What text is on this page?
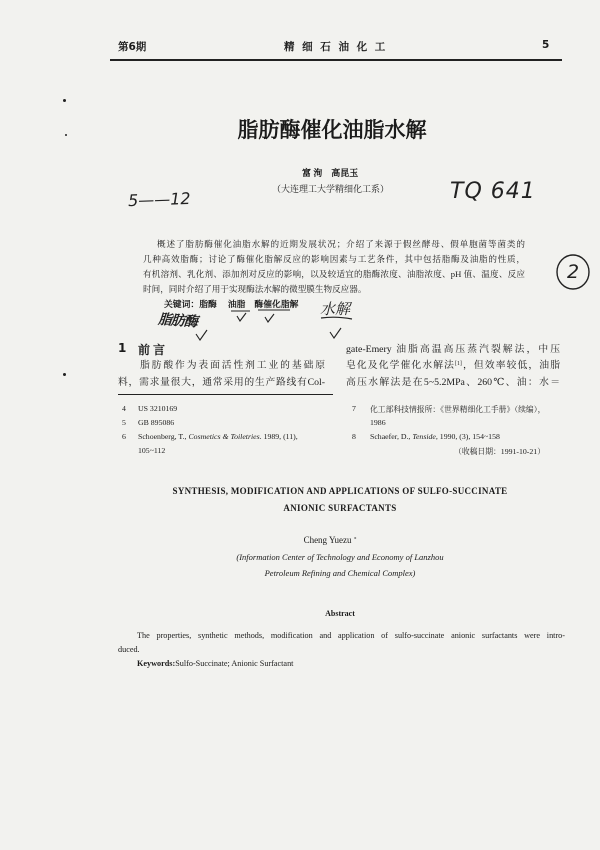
第6期	精 细 石 油 化 工	5
脂肪酶催化油脂水解
富 洵    高昆玉
（大连理工大学精细化工系）
5——12	TQ 641
脂肪酶
水解
2
概述了脂肪酶催化油脂水解的近期发展状况；介绍了来源于假丝酵母、假单胞菌等菌类的
几种高效脂酶；讨论了酶催化脂解反应的影响因素与工艺条件，其中包括脂酶及油脂的性质，
有机溶剂、乳化剂、添加剂对反应的影响，以及较适宜的脂酶浓度、油脂浓度、pH 值、温度、反应
时间，同时介绍了用于实现酶法水解的微型膜生物反应器。
关键词：脂酶 油脂 酶催化脂解
1 前言
脂肪酸作为表面活性剂工业的基础原
料，需求量很大，通常采用的生产路线有Col-
gate-Emery 油脂高温高压蒸汽裂解法，中压
皂化及化学催化水解法[1]，但效率较低，油脂
高压水解法是在5~5.2MPa、260℃、油：水＝
4 US 3210169
5 GB 895086
6 Schoenberg, T., Cosmetics & Toiletries. 1989, (11),
105~112
7 化工部科技情报所：《世界精细化工手册》（续编），
1986
8 Schaefer, D., Tenside, 1990, (3), 154~158
（收稿日期：1991-10-21）
SYNTHESIS, MODIFICATION AND APPLICATIONS OF SULFO-SUCCINATE
ANIONIC SURFACTANTS
Cheng Yuezu *
(Information Center of Technology and Economy of Lanzhou
Petroleum Refining and Chemical Complex)
Abstract
The properties, synthetic methods, modification and application of sulfo-succinate anionic surfactants were intro-
duced.
Keywords:Sulfo-Succinate; Anionic Surfactant
